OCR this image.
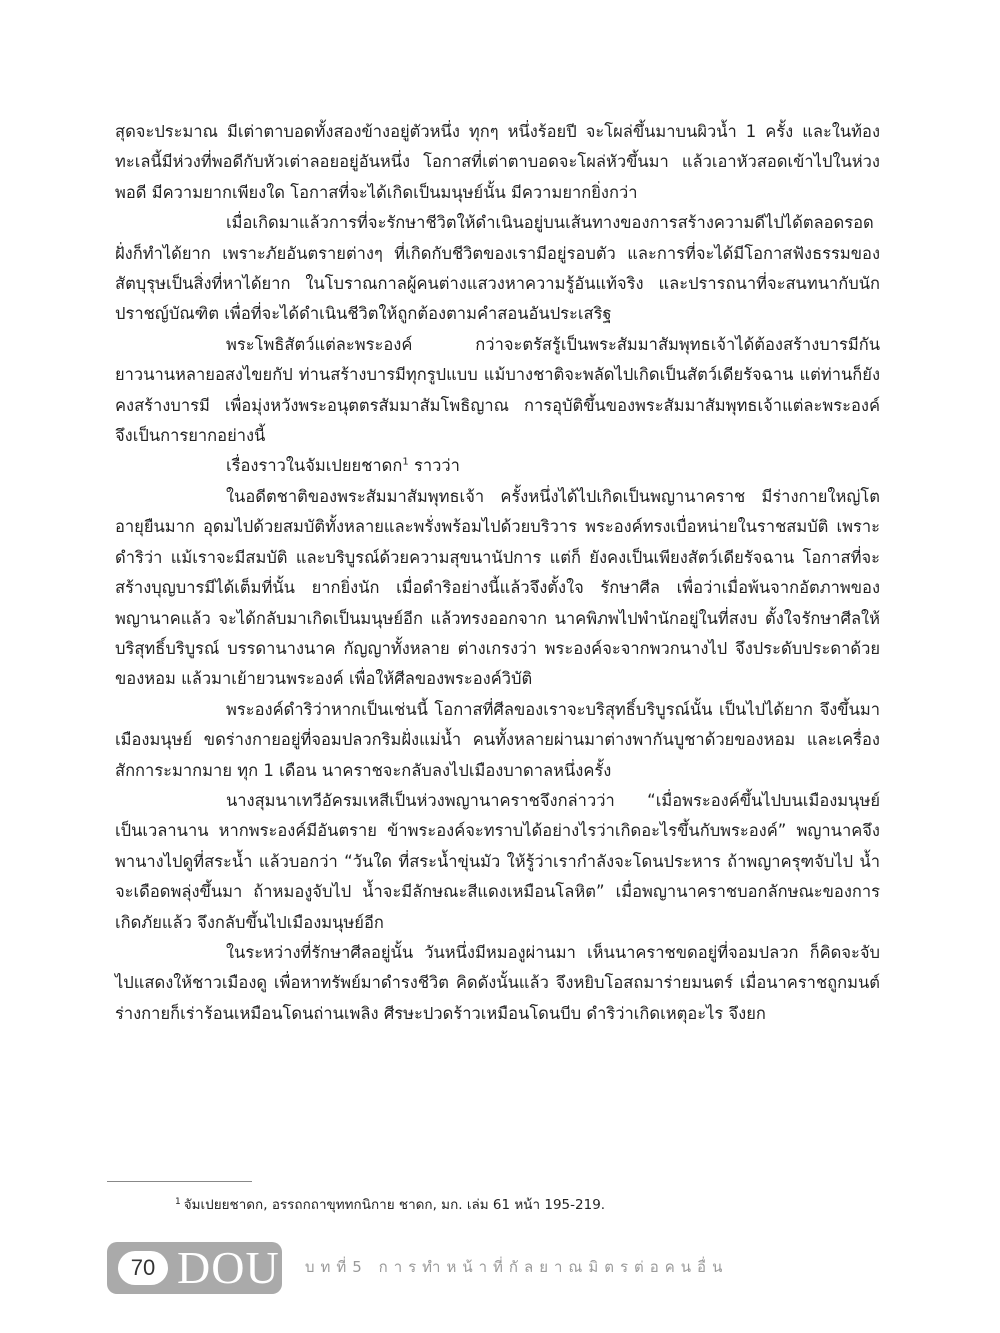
สุดจะประมาณ มีเต่าตาบอดทั้งสองข้างอยู่ตัวหนึ่ง ทุกๆ หนึ่งร้อยปี จะโผล่ขึ้นมาบนผิวน้ำ 1 ครั้ง และในท้องทะเลนี้มีห่วงที่พอดีกับหัวเต่าลอยอยู่อันหนึ่ง โอกาสที่เต่าตาบอดจะโผล่หัวขึ้นมา แล้วเอาหัวสอดเข้าไปในห่วงพอดี มีความยากเพียงใด โอกาสที่จะได้เกิดเป็นมนุษย์นั้น มีความยากยิ่งกว่า

เมื่อเกิดมาแล้วการที่จะรักษาชีวิตให้ดำเนินอยู่บนเส้นทางของการสร้างความดีไปได้ตลอดรอดฝั่งก็ทำได้ยาก เพราะภัยอันตรายต่างๆ ที่เกิดกับชีวิตของเรามีอยู่รอบตัว และการที่จะได้มีโอกาสฟังธรรมของสัตบุรุษเป็นสิ่งที่หาได้ยาก ในโบราณกาลผู้คนต่างแสวงหาความรู้อันแท้จริง และปรารถนาที่จะสนทนากับนักปราชญ์บัณฑิต เพื่อที่จะได้ดำเนินชีวิตให้ถูกต้องตามคำสอนอันประเสริฐ

พระโพธิสัตว์แต่ละพระองค์ กว่าจะตรัสรู้เป็นพระสัมมาสัมพุทธเจ้าได้ต้องสร้างบารมีกันยาวนานหลายอสงไขยกัป ท่านสร้างบารมีทุกรูปแบบ แม้บางชาติจะพลัดไปเกิดเป็นสัตว์เดียรัจฉาน แต่ท่านก็ยังคงสร้างบารมี เพื่อมุ่งหวังพระอนุตตรสัมมาสัมโพธิญาณ การอุบัติขึ้นของพระสัมมาสัมพุทธเจ้าแต่ละพระองค์ จึงเป็นการยากอย่างนี้

เรื่องราวในจัมเปยยชาดก$^1$ ราวว่า

ในอดีตชาติของพระสัมมาสัมพุทธเจ้า ครั้งหนึ่งได้ไปเกิดเป็นพญานาคราช มีร่างกายใหญ่โต อายุยืนมาก อุดมไปด้วยสมบัติทั้งหลายและพรั่งพร้อมไปด้วยบริวาร พระองค์ทรงเบื่อหน่ายในราชสมบัติ เพราะดำริว่า แม้เราจะมีสมบัติ และบริบูรณ์ด้วยความสุขนานัปการ แต่ก็ ยังคงเป็นเพียงสัตว์เดียรัจฉาน โอกาสที่จะสร้างบุญบารมีได้เต็มที่นั้น ยากยิ่งนัก เมื่อดำริอย่างนี้แล้วจึงตั้งใจ รักษาศีล เพื่อว่าเมื่อพ้นจากอัตภาพของพญานาคแล้ว จะได้กลับมาเกิดเป็นมนุษย์อีก แล้วทรงออกจาก นาคพิภพไปพำนักอยู่ในที่สงบ ตั้งใจรักษาศีลให้บริสุทธิ์บริบูรณ์ บรรดานางนาค กัญญาทั้งหลาย ต่างเกรงว่า พระองค์จะจากพวกนางไป จึงประดับประดาด้วยของหอม แล้วมาเย้ายวนพระองค์ เพื่อให้ศีลของพระองค์วิบัติ

พระองค์ดำริว่าหากเป็นเช่นนี้ โอกาสที่ศีลของเราจะบริสุทธิ์บริบูรณ์นั้น เป็นไปได้ยาก จึงขึ้นมาเมืองมนุษย์ ขดร่างกายอยู่ที่จอมปลวกริมฝั่งแม่น้ำ คนทั้งหลายผ่านมาต่างพากันบูชาด้วยของหอม และเครื่องสักการะมากมาย ทุก 1 เดือน นาคราชจะกลับลงไปเมืองบาดาลหนึ่งครั้ง

นางสุมนาเทวีอัครมเหสีเป็นห่วงพญานาคราชจึงกล่าวว่า “เมื่อพระองค์ขึ้นไปบนเมืองมนุษย์เป็นเวลานาน หากพระองค์มีอันตราย ข้าพระองค์จะทราบได้อย่างไรว่าเกิดอะไรขึ้นกับพระองค์” พญานาคจึงพานางไปดูที่สระน้ำ แล้วบอกว่า “วันใด ที่สระน้ำขุ่นมัว ให้รู้ว่าเรากำลังจะโดนประหาร ถ้าพญาครุฑจับไป น้ำจะเดือดพลุ่งขึ้นมา ถ้าหมองูจับไป น้ำจะมีลักษณะสีแดงเหมือนโลหิต” เมื่อพญานาคราชบอกลักษณะของการเกิดภัยแล้ว จึงกลับขึ้นไปเมืองมนุษย์อีก

ในระหว่างที่รักษาศีลอยู่นั้น วันหนึ่งมีหมองูผ่านมา เห็นนาคราชขดอยู่ที่จอมปลวก ก็คิดจะจับไปแสดงให้ชาวเมืองดู เพื่อหาทรัพย์มาดำรงชีวิต คิดดังนั้นแล้ว จึงหยิบโอสถมาร่ายมนตร์ เมื่อนาคราชถูกมนต์ ร่างกายก็เร่าร้อนเหมือนโดนถ่านเพลิง ศีรษะปวดร้าวเหมือนโดนบีบ ดำริว่าเกิดเหตุอะไร จึงยก

$^1$ จัมเปยยชาดก, อรรถกถาขุททกนิกาย ชาดก, มก. เล่ม 61 หน้า 195-219.
70 DOU บทที่5 การทำหน้าที่กัลยาณมิตรต่อคนอื่น
